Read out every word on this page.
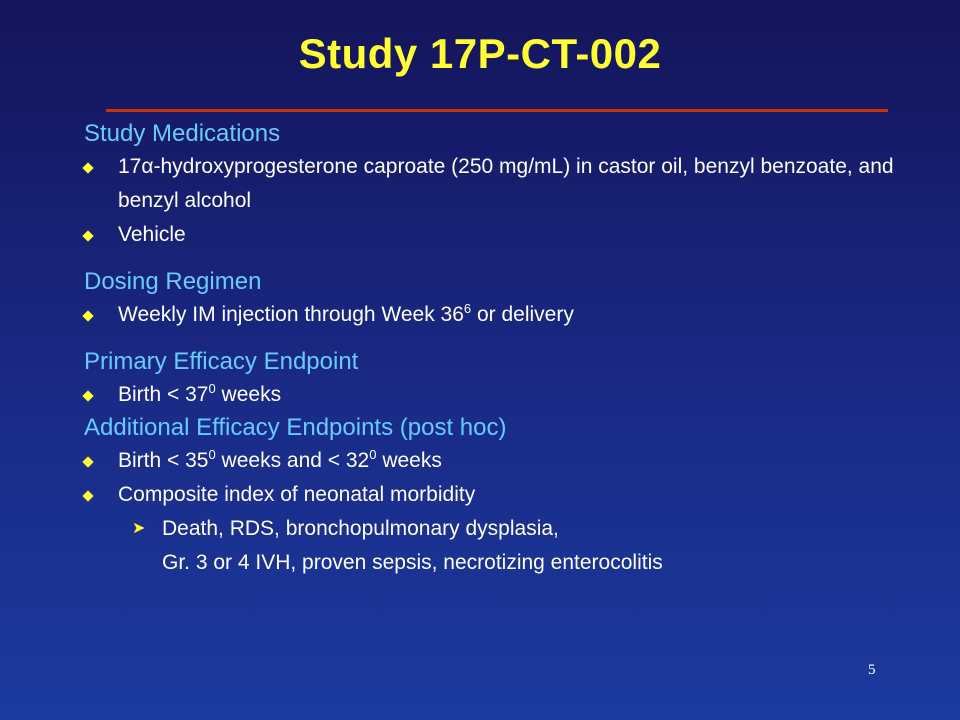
Study 17P-CT-002
Study Medications
17α-hydroxyprogesterone caproate (250 mg/mL) in castor oil, benzyl benzoate, and benzyl alcohol
Vehicle
Dosing Regimen
Weekly IM injection through Week $36^6$ or delivery
Primary Efficacy Endpoint
Birth < $37^0$ weeks
Additional Efficacy Endpoints (post hoc)
Birth < $35^0$ weeks and < $32^0$ weeks
Composite index of neonatal morbidity
➤ Death, RDS, bronchopulmonary dysplasia,
Gr. 3 or 4 IVH, proven sepsis, necrotizing enterocolitis
5
